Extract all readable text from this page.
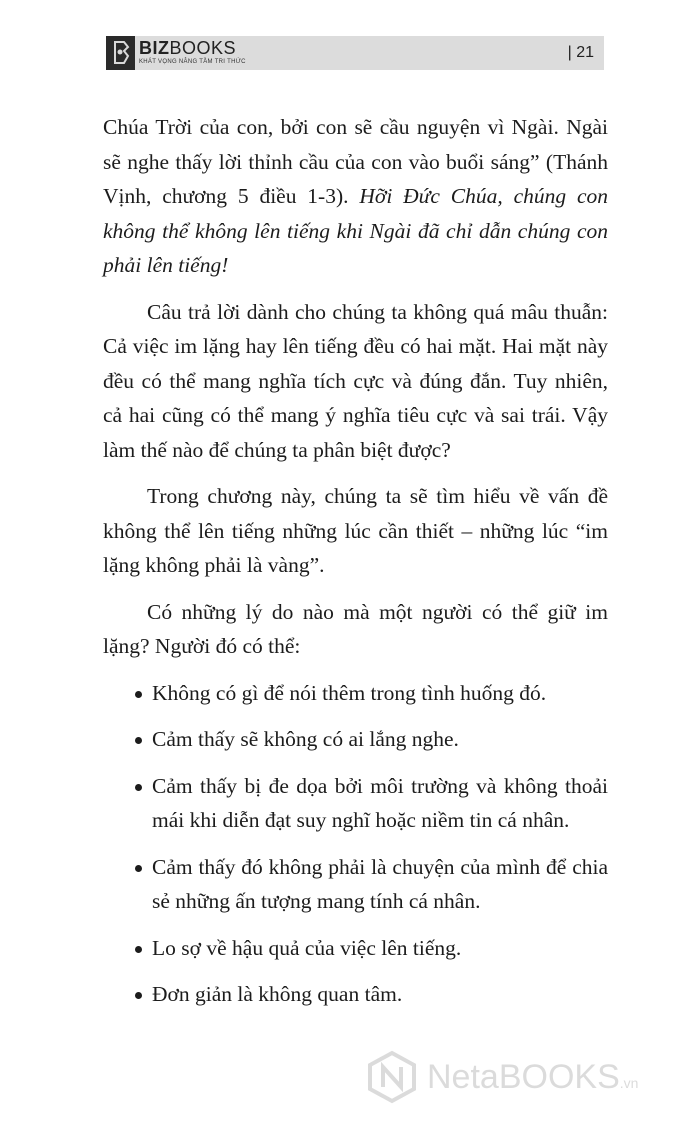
BIZBOOKS
KHÁT VỌNG NÂNG TẦM TRI THỨC
| 21

Chúa Trời của con, bởi con sẽ cầu nguyện vì Ngài. Ngài sẽ nghe thấy lời thỉnh cầu của con vào buổi sáng” (Thánh Vịnh, chương 5 điều 1-3). Hỡi Đức Chúa, chúng con không thể không lên tiếng khi Ngài đã chỉ dẫn chúng con phải lên tiếng!

Câu trả lời dành cho chúng ta không quá mâu thuẫn: Cả việc im lặng hay lên tiếng đều có hai mặt. Hai mặt này đều có thể mang nghĩa tích cực và đúng đắn. Tuy nhiên, cả hai cũng có thể mang ý nghĩa tiêu cực và sai trái. Vậy làm thế nào để chúng ta phân biệt được?

Trong chương này, chúng ta sẽ tìm hiểu về vấn đề không thể lên tiếng những lúc cần thiết – những lúc “im lặng không phải là vàng”.

Có những lý do nào mà một người có thể giữ im lặng? Người đó có thể:

Không có gì để nói thêm trong tình huống đó.
Cảm thấy sẽ không có ai lắng nghe.
Cảm thấy bị đe dọa bởi môi trường và không thoải mái khi diễn đạt suy nghĩ hoặc niềm tin cá nhân.
Cảm thấy đó không phải là chuyện của mình để chia sẻ những ấn tượng mang tính cá nhân.
Lo sợ về hậu quả của việc lên tiếng.
Đơn giản là không quan tâm.
NetaBOOKS.vn
